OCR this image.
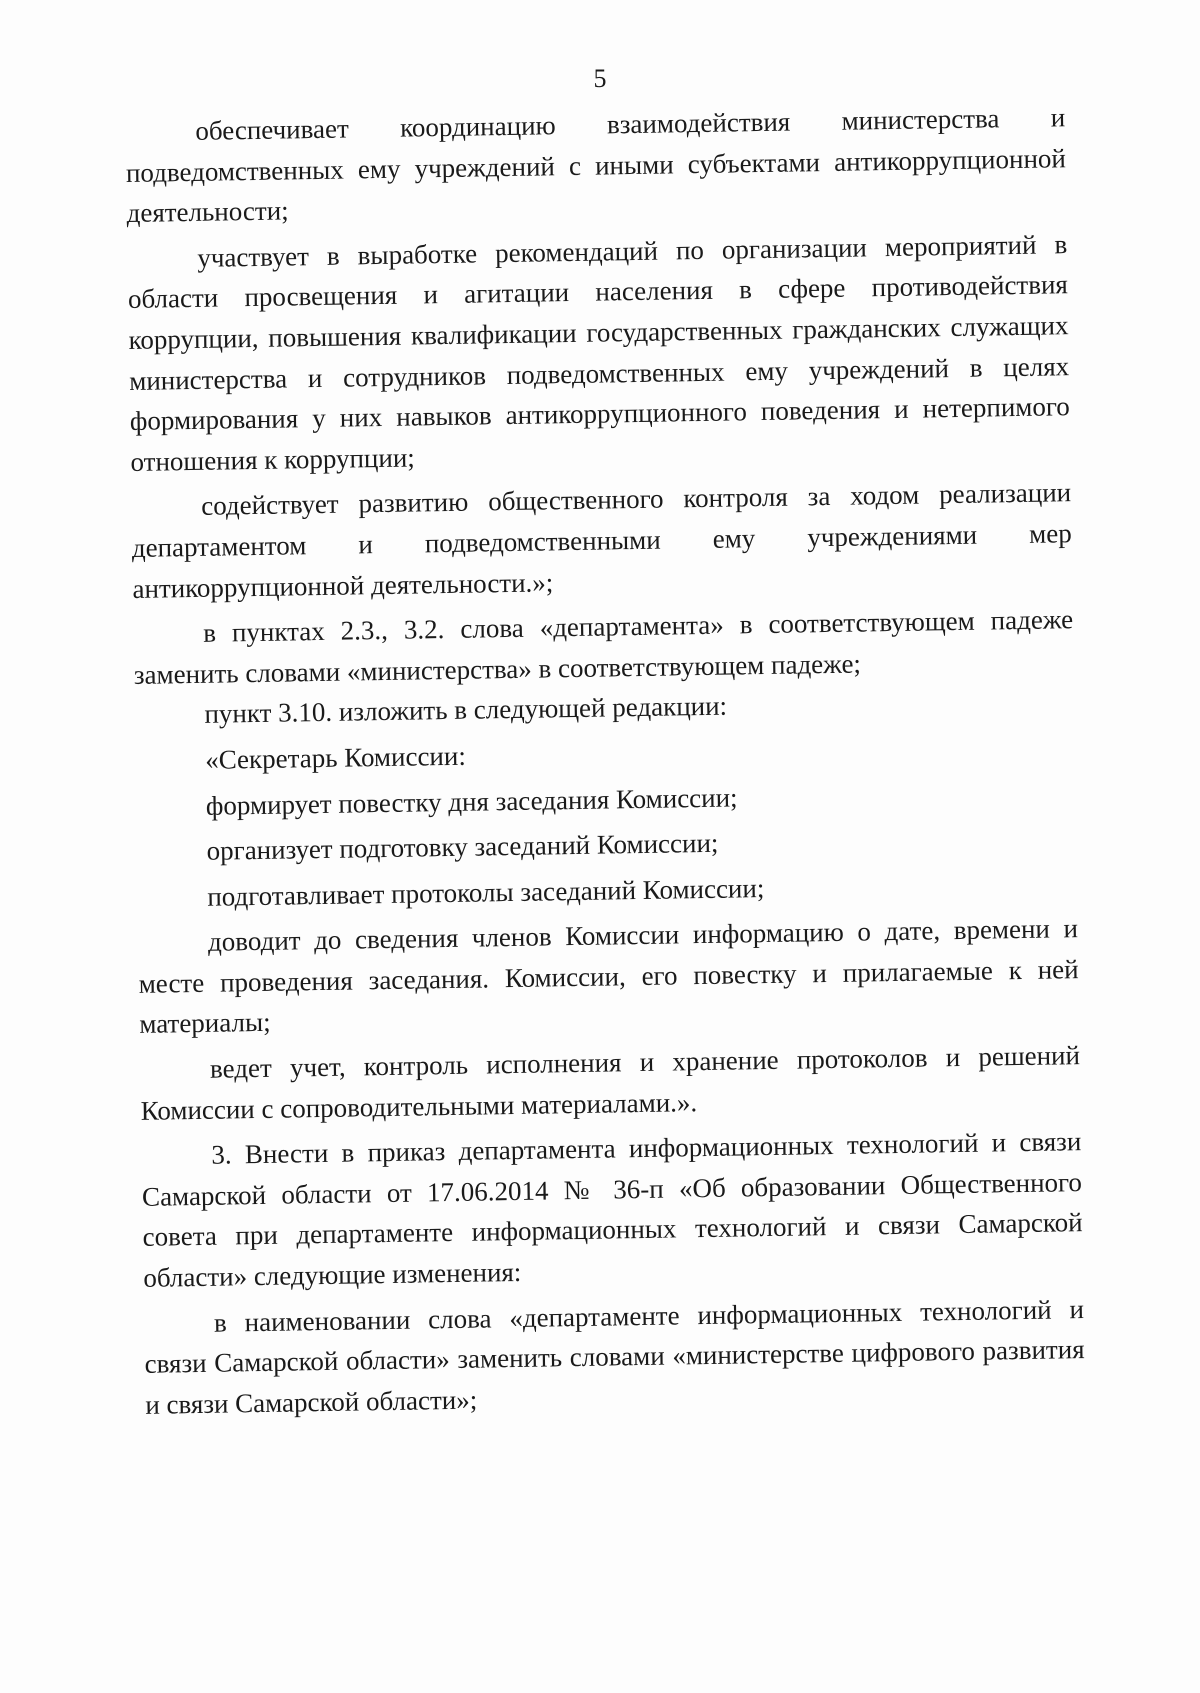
5

обеспечивает координацию взаимодействия министерства и подведомственных ему учреждений с иными субъектами антикоррупционной деятельности;

участвует в выработке рекомендаций по организации мероприятий в области просвещения и агитации населения в сфере противодействия коррупции, повышения квалификации государственных гражданских служащих министерства и сотрудников подведомственных ему учреждений в целях формирования у них навыков антикоррупционного поведения и нетерпимого отношения к коррупции;

содействует развитию общественного контроля за ходом реализации департаментом и подведомственными ему учреждениями мер антикоррупционной деятельности.»;

в пунктах 2.3., 3.2. слова «департамента» в соответствующем падеже заменить словами «министерства» в соответствующем падеже;

пункт 3.10. изложить в следующей редакции:

«Секретарь Комиссии:

формирует повестку дня заседания Комиссии;

организует подготовку заседаний Комиссии;

подготавливает протоколы заседаний Комиссии;

доводит до сведения членов Комиссии информацию о дате, времени и месте проведения заседания. Комиссии, его повестку и прилагаемые к ней материалы;

ведет учет, контроль исполнения и хранение протоколов и решений Комиссии с сопроводительными материалами.».

3. Внести в приказ департамента информационных технологий и связи Самарской области от 17.06.2014 № 36-п «Об образовании Общественного совета при департаменте информационных технологий и связи Самарской области» следующие изменения:

в наименовании слова «департаменте информационных технологий и связи Самарской области» заменить словами «министерстве цифрового развития и связи Самарской области»;
